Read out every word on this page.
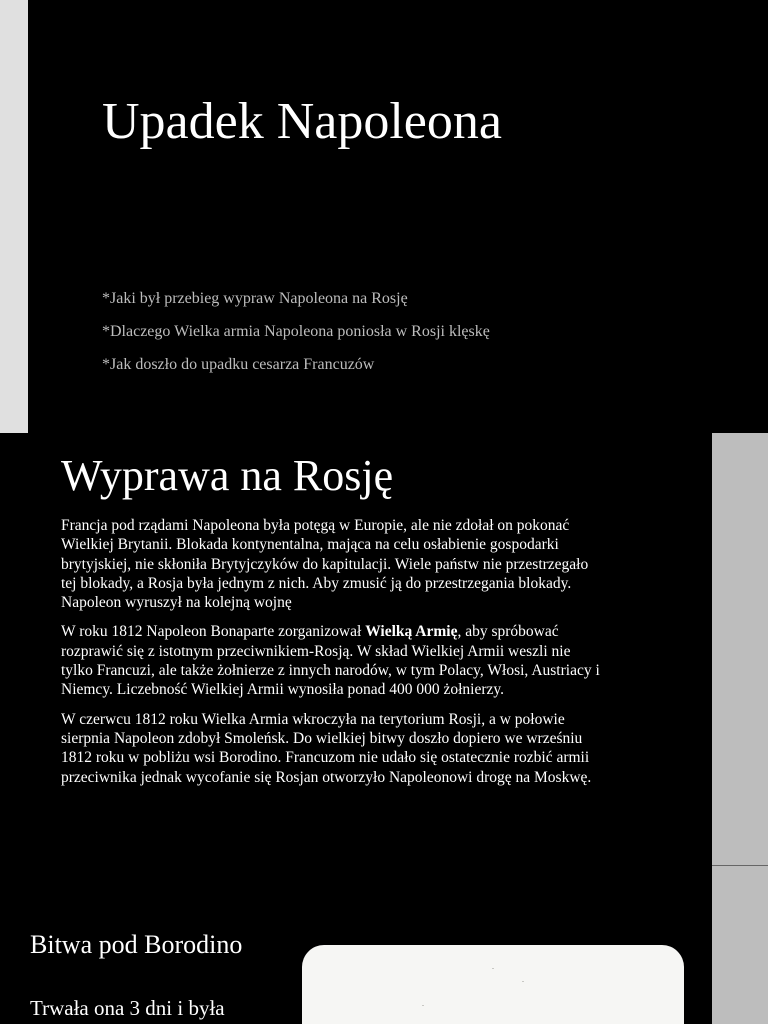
Upadek Napoleona
*Jaki był przebieg wypraw Napoleona na Rosję
*Dlaczego Wielka armia Napoleona poniosła w Rosji klęskę
*Jak doszło do upadku cesarza Francuzów
Wyprawa na Rosję

Francja pod rządami Napoleona była potęgą w Europie, ale nie zdołał on pokonać Wielkiej Brytanii. Blokada kontynentalna, mająca na celu osłabienie gospodarki brytyjskiej, nie skłoniła Brytyjczyków do kapitulacji. Wiele państw nie przestrzegało tej blokady, a Rosja była jednym z nich. Aby zmusić ją do przestrzegania blokady. Napoleon wyruszył na kolejną wojnę

W roku 1812 Napoleon Bonaparte zorganizował Wielką Armię, aby spróbować rozprawić się z istotnym przeciwnikiem-Rosją. W skład Wielkiej Armii weszli nie tylko Francuzi, ale także żołnierze z innych narodów, w tym Polacy, Włosi, Austriacy i Niemcy. Liczebność Wielkiej Armii wynosiła ponad 400 000 żołnierzy.

W czerwcu 1812 roku Wielka Armia wkroczyła na terytorium Rosji, a w połowie sierpnia Napoleon zdobył Smoleńsk. Do wielkiej bitwy doszło dopiero we wrześniu 1812 roku w pobliżu wsi Borodino. Francuzom nie udało się ostatecznie rozbić armii przeciwnika jednak wycofanie się Rosjan otworzyło Napoleonowi drogę na Moskwę.

Bitwa pod Borodino
Trwała ona 3 dni i była
